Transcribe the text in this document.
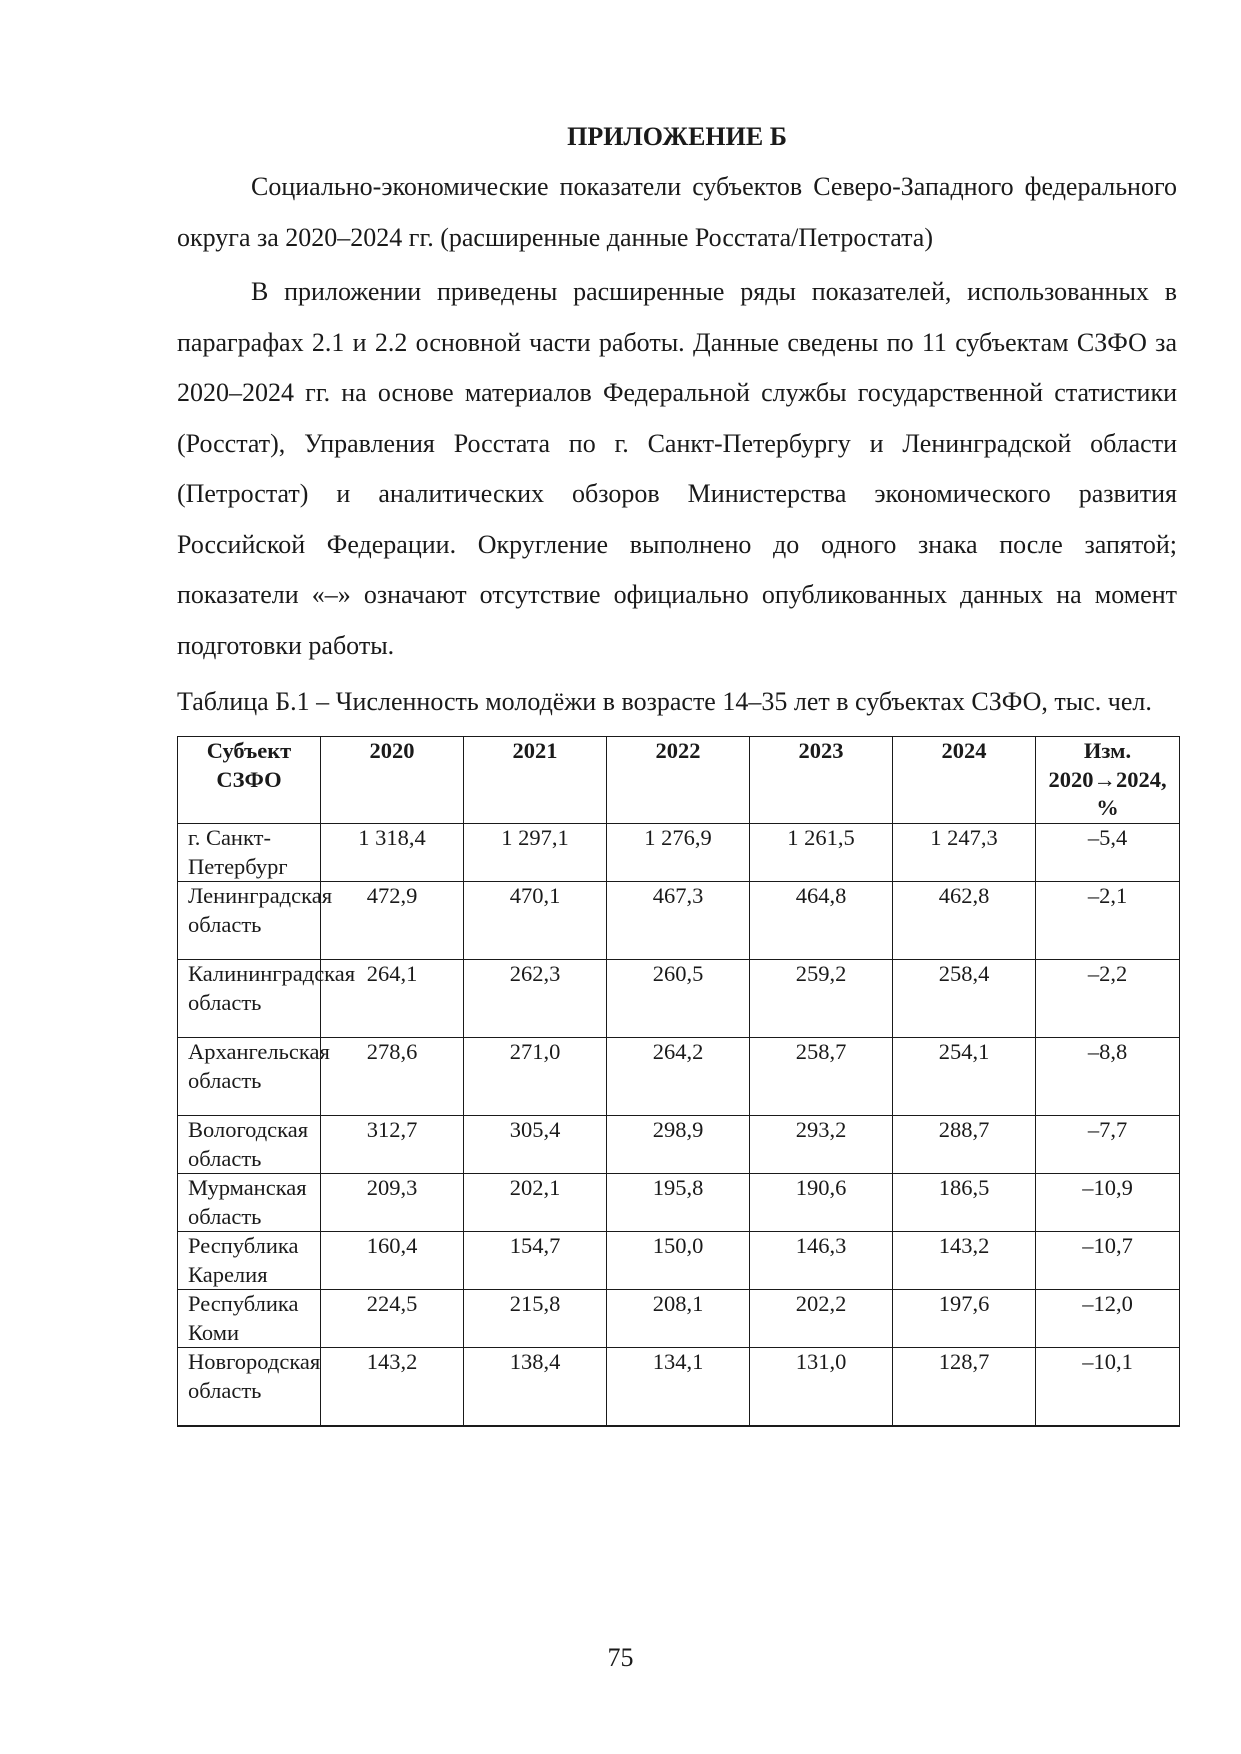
ПРИЛОЖЕНИЕ Б

Социально-экономические показатели субъектов Северо-Западного федерального округа за 2020–2024 гг. (расширенные данные Росстата/Петростата)

В приложении приведены расширенные ряды показателей, использованных в параграфах 2.1 и 2.2 основной части работы. Данные сведены по 11 субъектам СЗФО за 2020–2024 гг. на основе материалов Федеральной службы государственной статистики (Росстат), Управления Росстата по г. Санкт-Петербургу и Ленинградской области (Петростат) и аналитических обзоров Министерства экономического развития Российской Федерации. Округление выполнено до одного знака после запятой; показатели «–» означают отсутствие официально опубликованных данных на момент подготовки работы.

Таблица Б.1 – Численность молодёжи в возрасте 14–35 лет в субъектах СЗФО, тыс. чел.

Субъект СЗФО	2020	2021	2022	2023	2024	Изм. 2020→2024, %
г. Санкт-Петербург	1 318,4	1 297,1	1 276,9	1 261,5	1 247,3	–5,4
Ленинградская область	472,9	470,1	467,3	464,8	462,8	–2,1
Калининградская область	264,1	262,3	260,5	259,2	258,4	–2,2
Архангельская область	278,6	271,0	264,2	258,7	254,1	–8,8
Вологодская область	312,7	305,4	298,9	293,2	288,7	–7,7
Мурманская область	209,3	202,1	195,8	190,6	186,5	–10,9
Республика Карелия	160,4	154,7	150,0	146,3	143,2	–10,7
Республика Коми	224,5	215,8	208,1	202,2	197,6	–12,0
Новгородская область	143,2	138,4	134,1	131,0	128,7	–10,1
75
